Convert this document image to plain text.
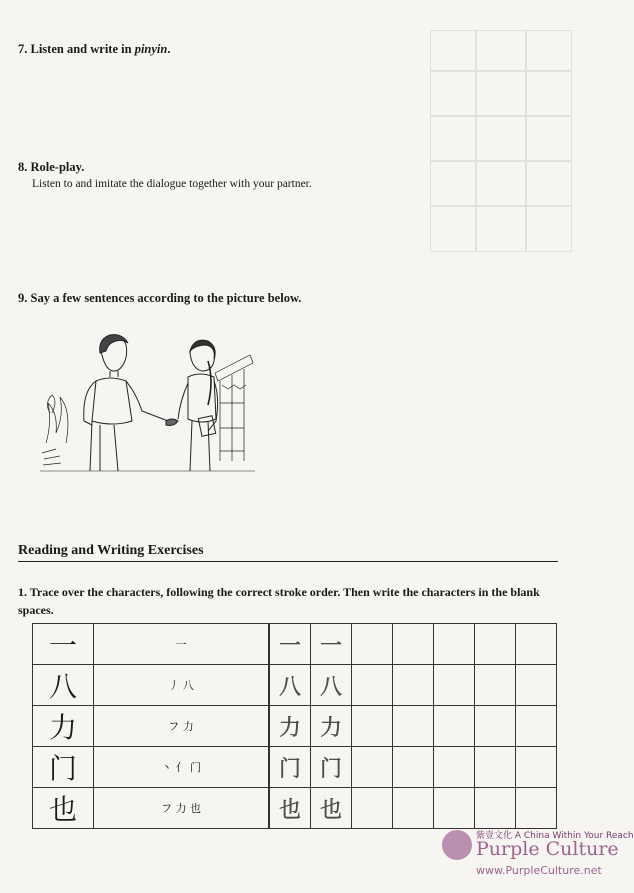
7. Listen and write in pinyin.
8. Role-play.
Listen to and imitate the dialogue together with your partner.
9. Say a few sentences according to the picture below.
Reading and Writing Exercises
1. Trace over the characters, following the correct stroke order. Then write the characters in the blank spaces.
一	一	一	一					
八	丿 八	八	八					
力	フ 力	力	力					
门	丶 亻 门	门	门					
也	フ 力 也	也	也					
紫壹文化 A China Within Your Reach
Purple Culture
www.PurpleCulture.net
